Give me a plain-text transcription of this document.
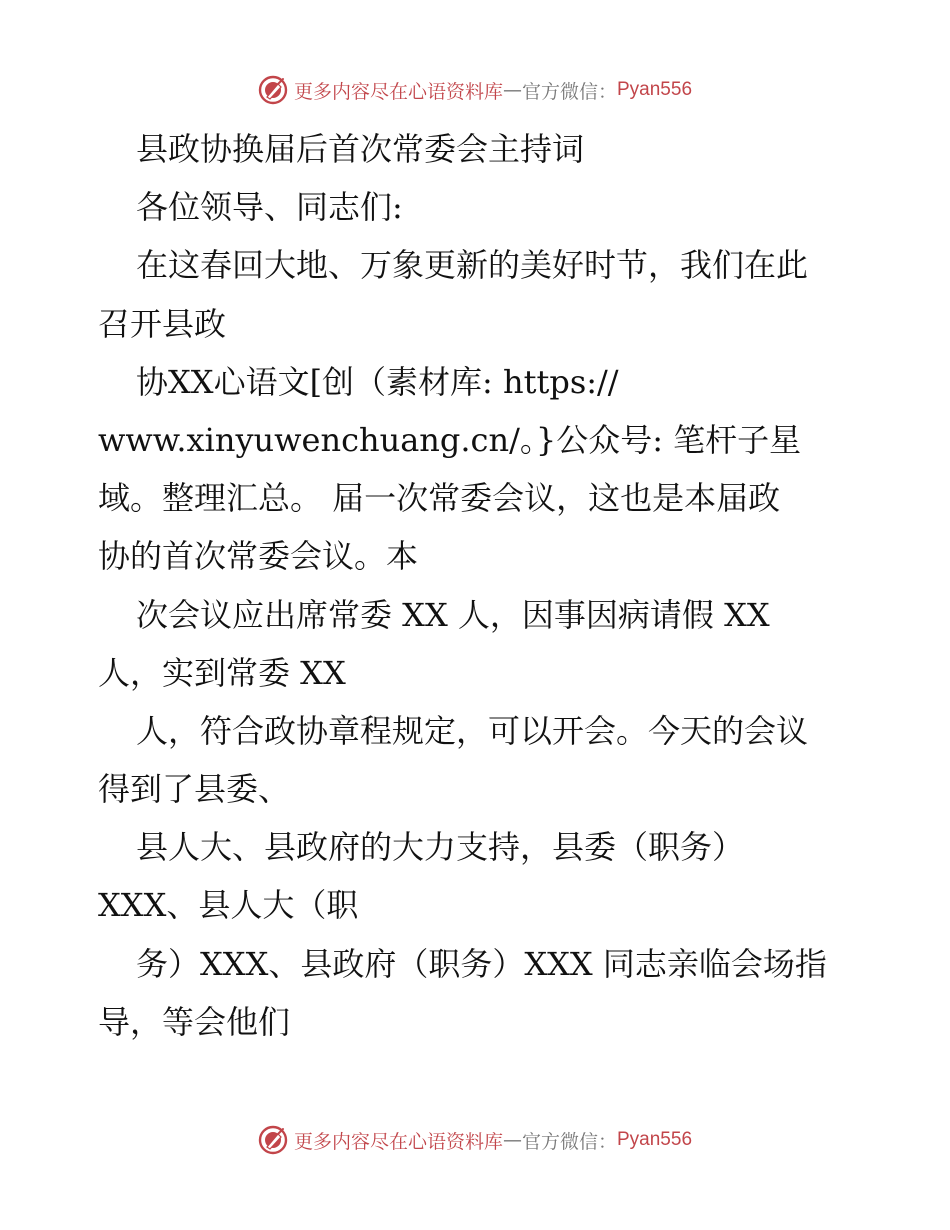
更多内容尽在心语资料库 — 官方微信： Pyan556
县政协换届后首次常委会主持词
各位领导、同志们:
在这春回大地、万象更新的美好时节，我们在此
召开县政
协XX心语文[创（素材库: https://
www.xinyuwenchuang.cn/。}公众号: 笔杆子星
域。整理汇总。 届一次常委会议，这也是本届政
协的首次常委会议。本
次会议应出席常委 XX 人，因事因病请假 XX
人，实到常委 XX
人，符合政协章程规定，可以开会。今天的会议
得到了县委、
县人大、县政府的大力支持，县委（职务）
XXX、县人大（职
务）XXX、县政府（职务）XXX 同志亲临会场指
导，等会他们
更多内容尽在心语资料库 — 官方微信： Pyan556
